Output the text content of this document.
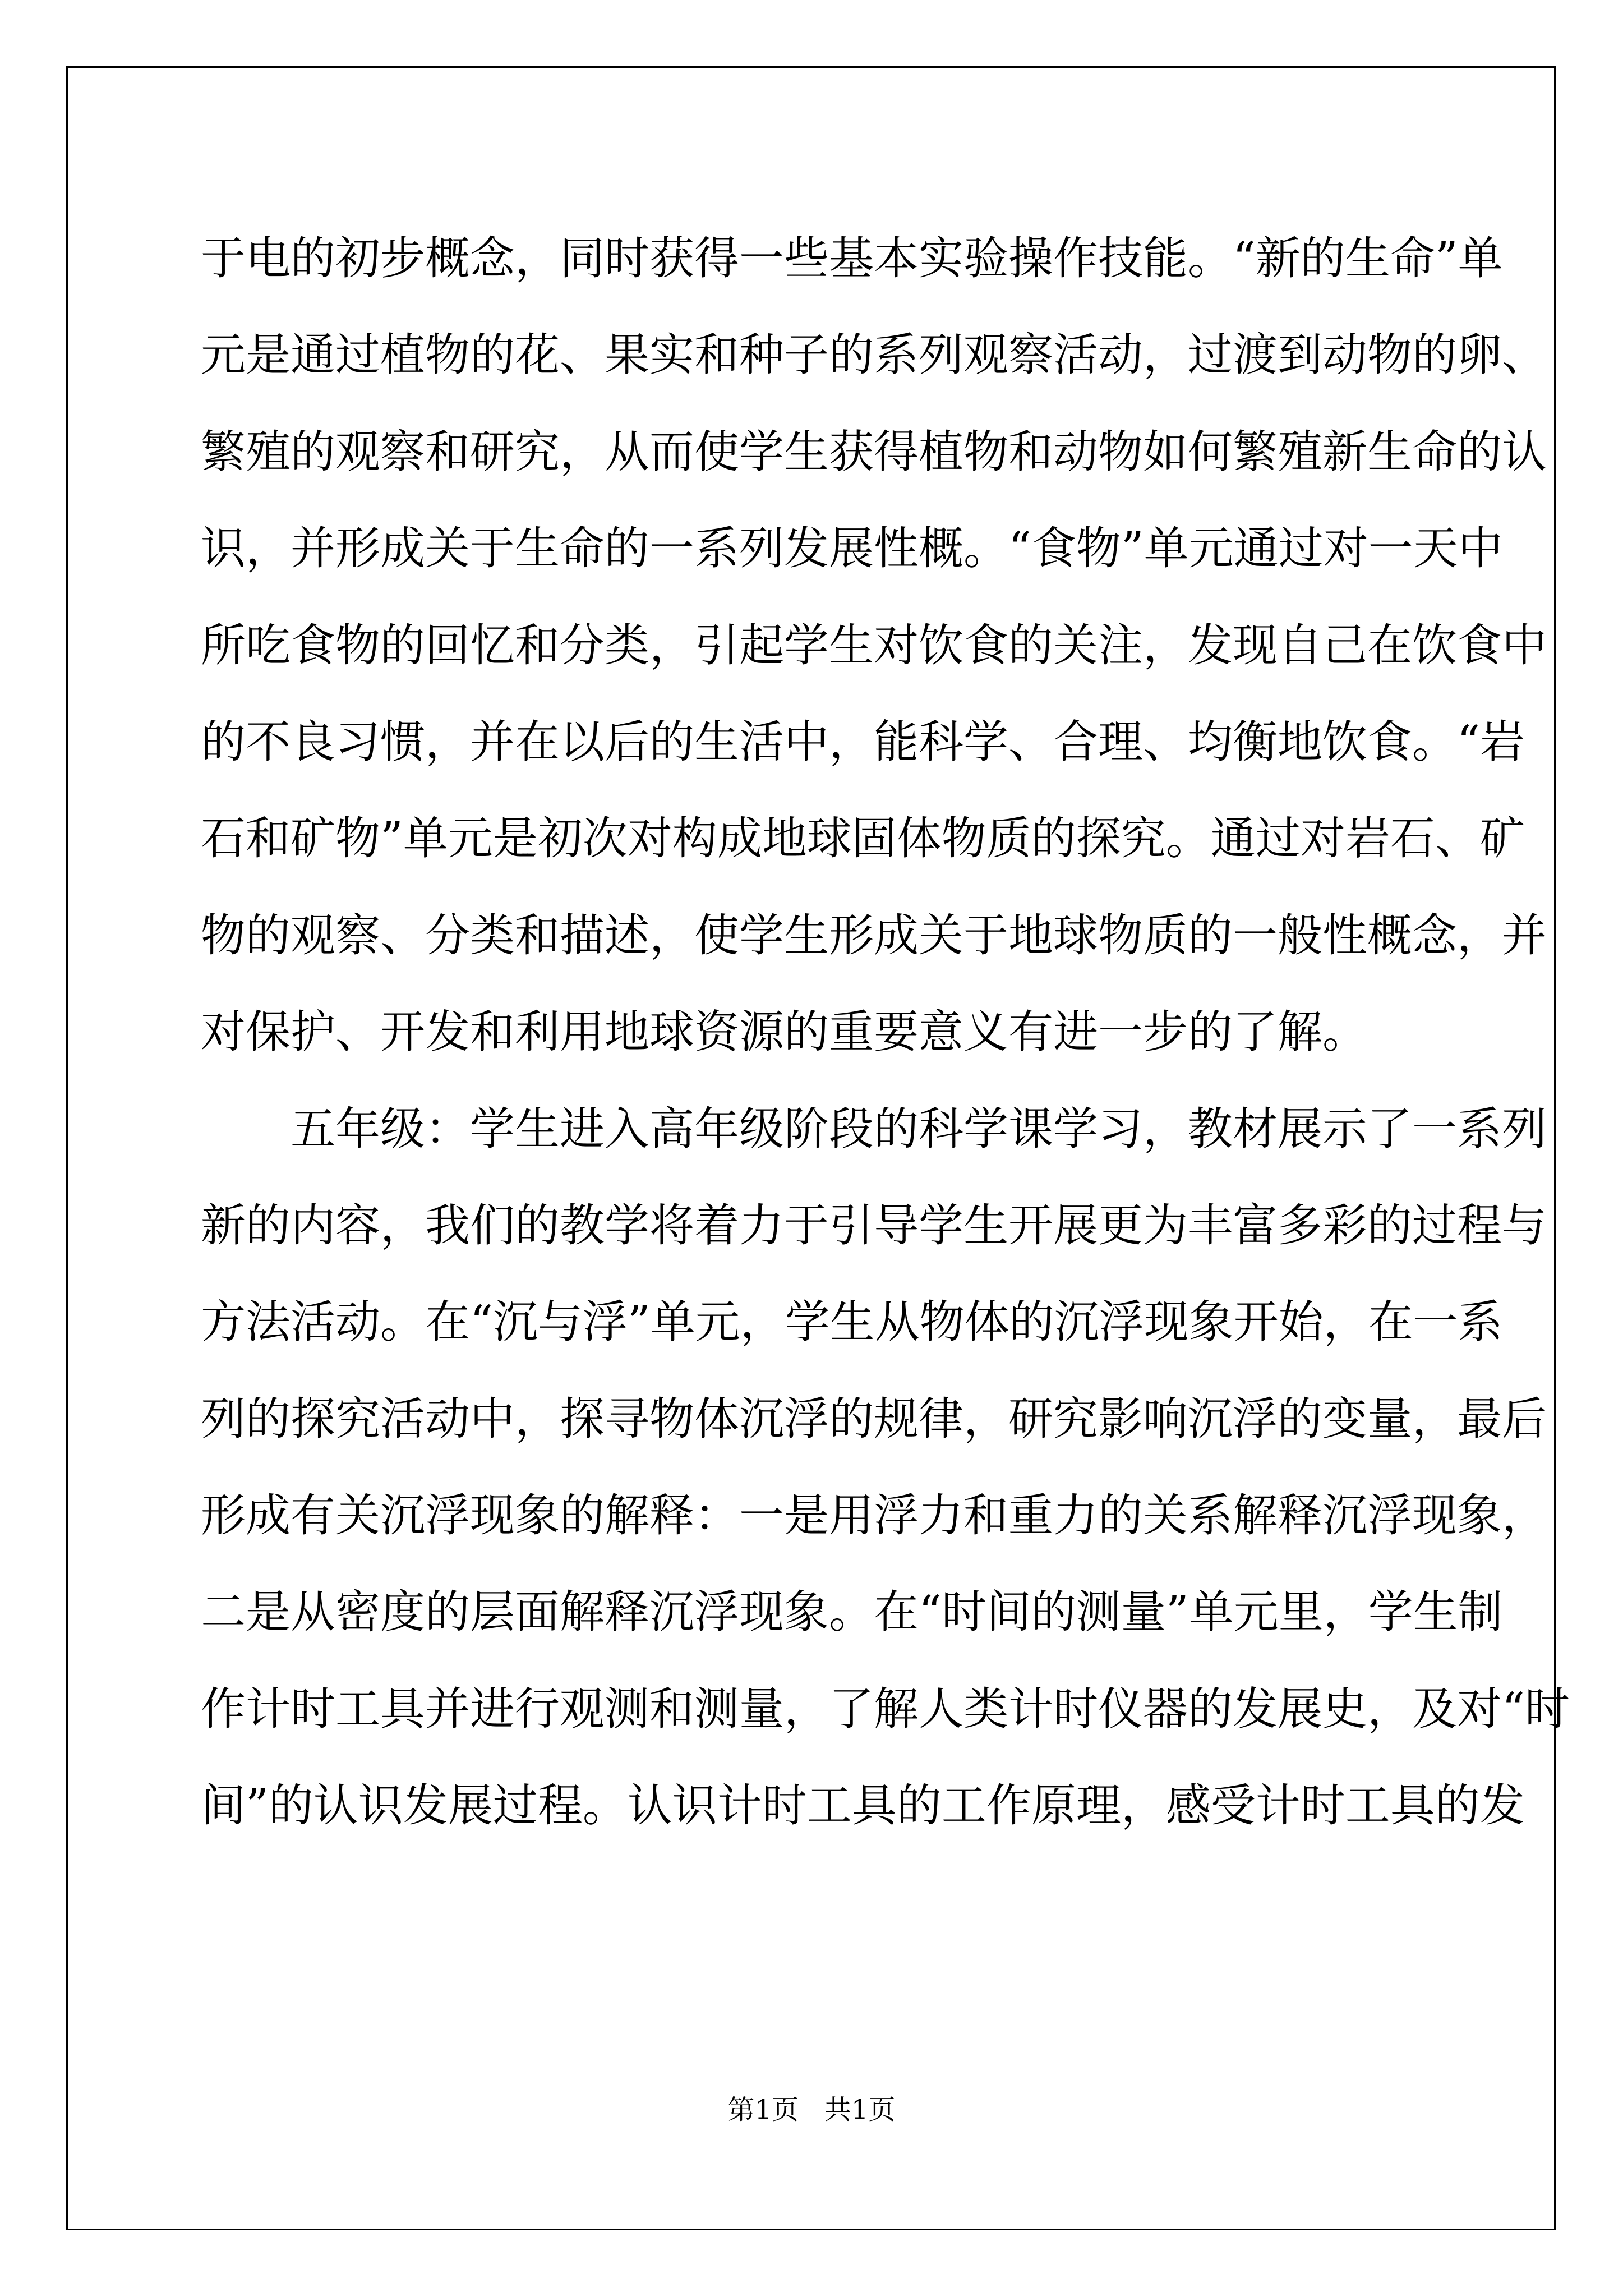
于电的初步概念，同时获得一些基本实验操作技能。“新的生命”单
元是通过植物的花、果实和种子的系列观察活动，过渡到动物的卵、
繁殖的观察和研究，从而使学生获得植物和动物如何繁殖新生命的认
识，并形成关于生命的一系列发展性概。“食物”单元通过对一天中
所吃食物的回忆和分类，引起学生对饮食的关注，发现自己在饮食中
的不良习惯，并在以后的生活中，能科学、合理、均衡地饮食。“岩
石和矿物”单元是初次对构成地球固体物质的探究。通过对岩石、矿
物的观察、分类和描述，使学生形成关于地球物质的一般性概念，并
对保护、开发和利用地球资源的重要意义有进一步的了解。
五年级：学生进入高年级阶段的科学课学习，教材展示了一系列
新的内容，我们的教学将着力于引导学生开展更为丰富多彩的过程与
方法活动。在“沉与浮”单元，学生从物体的沉浮现象开始，在一系
列的探究活动中，探寻物体沉浮的规律，研究影响沉浮的变量，最后
形成有关沉浮现象的解释：一是用浮力和重力的关系解释沉浮现象，
二是从密度的层面解释沉浮现象。在“时间的测量”单元里，学生制
作计时工具并进行观测和测量，了解人类计时仪器的发展史，及对“时
间”的认识发展过程。认识计时工具的工作原理，感受计时工具的发
第1页   共1页
